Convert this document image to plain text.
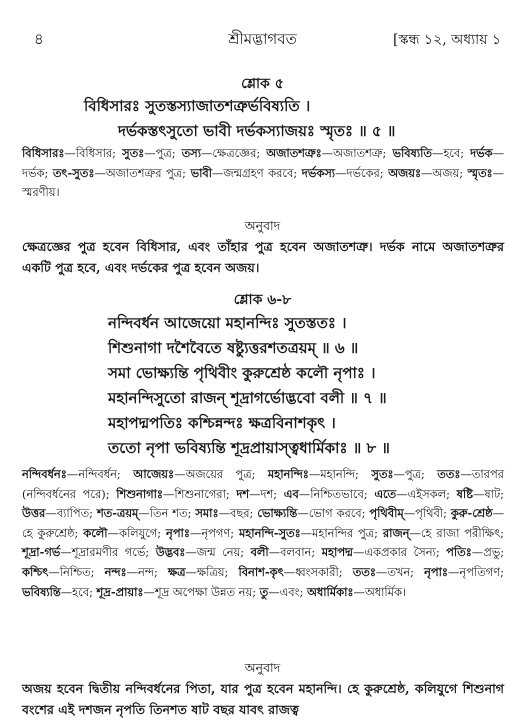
৪	শ্রীমদ্ভাগবত	[স্কন্ধ ১২, অধ্যায় ১
শ্লোক ৫
বিধিসারঃ সুতস্তস্যাজাতশত্রুর্ভবিষ্যতি ।
দর্ভকস্তৎসুতো ভাবী দর্ভকস্যাজয়ঃ স্মৃতঃ ॥ ৫ ॥
বিধিসারঃ—বিধিসার; সুতঃ—পুত্র; তস্য—ক্ষেত্রজ্ঞের; অজাতশত্রুঃ—অজাতশত্রু; ভবিষ্যতি—হবে; দর্ভক—দর্ভক; তৎ-সুতঃ—অজাতশত্রুর পুত্র; ভাবী—জন্মগ্রহণ করবে; দর্ভকস্য—দর্ভকের; অজয়ঃ—অজয়; স্মৃতঃ—স্মরণীয়।
অনুবাদ
ক্ষেত্রজ্ঞের পুত্র হবেন বিধিসার, এবং তাঁহার পুত্র হবেন অজাতশত্রু। দর্ভক নামে অজাতশত্রুর একটি পুত্র হবে, এবং দর্ভকের পুত্র হবেন অজয়।
শ্লোক ৬-৮
নন্দিবর্ধন আজেয়ো মহানন্দিঃ সুতস্ততঃ ।
শিশুনাগা দশৈবৈতে ষষ্ট্যুত্তরশতত্রয়ম্ ॥ ৬ ॥
সমা ভোক্ষ্যন্তি পৃথিবীং কুরুশ্রেষ্ঠ কলৌ নৃপাঃ ।
মহানন্দিসুতো রাজন্ শূদ্রাগর্ভোদ্ভবো বলী ॥ ৭ ॥
মহাপদ্মপতিঃ কশ্চিন্নন্দঃ ক্ষত্রবিনাশকৃৎ ।
ততো নৃপা ভবিষ্যন্তি শূদ্রপ্রায়াস্ত্বধার্মিকাঃ ॥ ৮ ॥
নন্দিবর্ধনঃ—নন্দিবর্ধন; আজেয়ঃ—অজয়ের পুত্র; মহানন্দিঃ—মহানন্দি; সুতঃ—পুত্র; ততঃ—তারপর (নন্দিবর্ধনের পরে); শিশুনাগাঃ—শিশুনাগেরা; দশ—দশ; এব—নিশ্চিতভাবে; এতে—এইসকল; ষষ্টি—ষাট; উত্তর—ব্যাপিত; শত-ত্রয়ম্—তিন শত; সমাঃ—বছর; ভোক্ষ্যন্তি—ভোগ করবে; পৃথিবীম্—পৃথিবী; কুরু-শ্রেষ্ঠ—হে কুরুশ্রেষ্ঠ; কলৌ—কলিযুগে; নৃপাঃ—নৃপগণ; মহানন্দি-সুতঃ—মহানন্দির পুত্র; রাজন্—হে রাজা পরীক্ষিৎ; শূদ্রা-গর্ভ—শূদ্রারমণীর গর্ভে; উদ্ভবঃ—জন্ম নেয়; বলী—বলবান; মহাপদ্ম—একপ্রকার সৈন্য; পতিঃ—প্রভু; কশ্চিৎ—নিশ্চিত; নন্দঃ—নন্দ; ক্ষত্র—ক্ষত্রিয়; বিনাশ-কৃৎ—ধ্বংসকারী; ততঃ—তখন; নৃপাঃ—নৃপতিগণ; ভবিষ্যন্তি—হবে; শূদ্র-প্রায়াঃ—শূদ্র অপেক্ষা উন্নত নয়; তু—এবং; অধার্মিকাঃ—অধার্মিক।
অনুবাদ
অজয় হবেন দ্বিতীয় নন্দিবর্ধনের পিতা, যার পুত্র হবেন মহানন্দি। হে কুরুশ্রেষ্ঠ, কলিযুগে শিশুনাগ বংশের এই দশজন নৃপতি তিনশত ষাট বছর যাবৎ রাজত্ব
